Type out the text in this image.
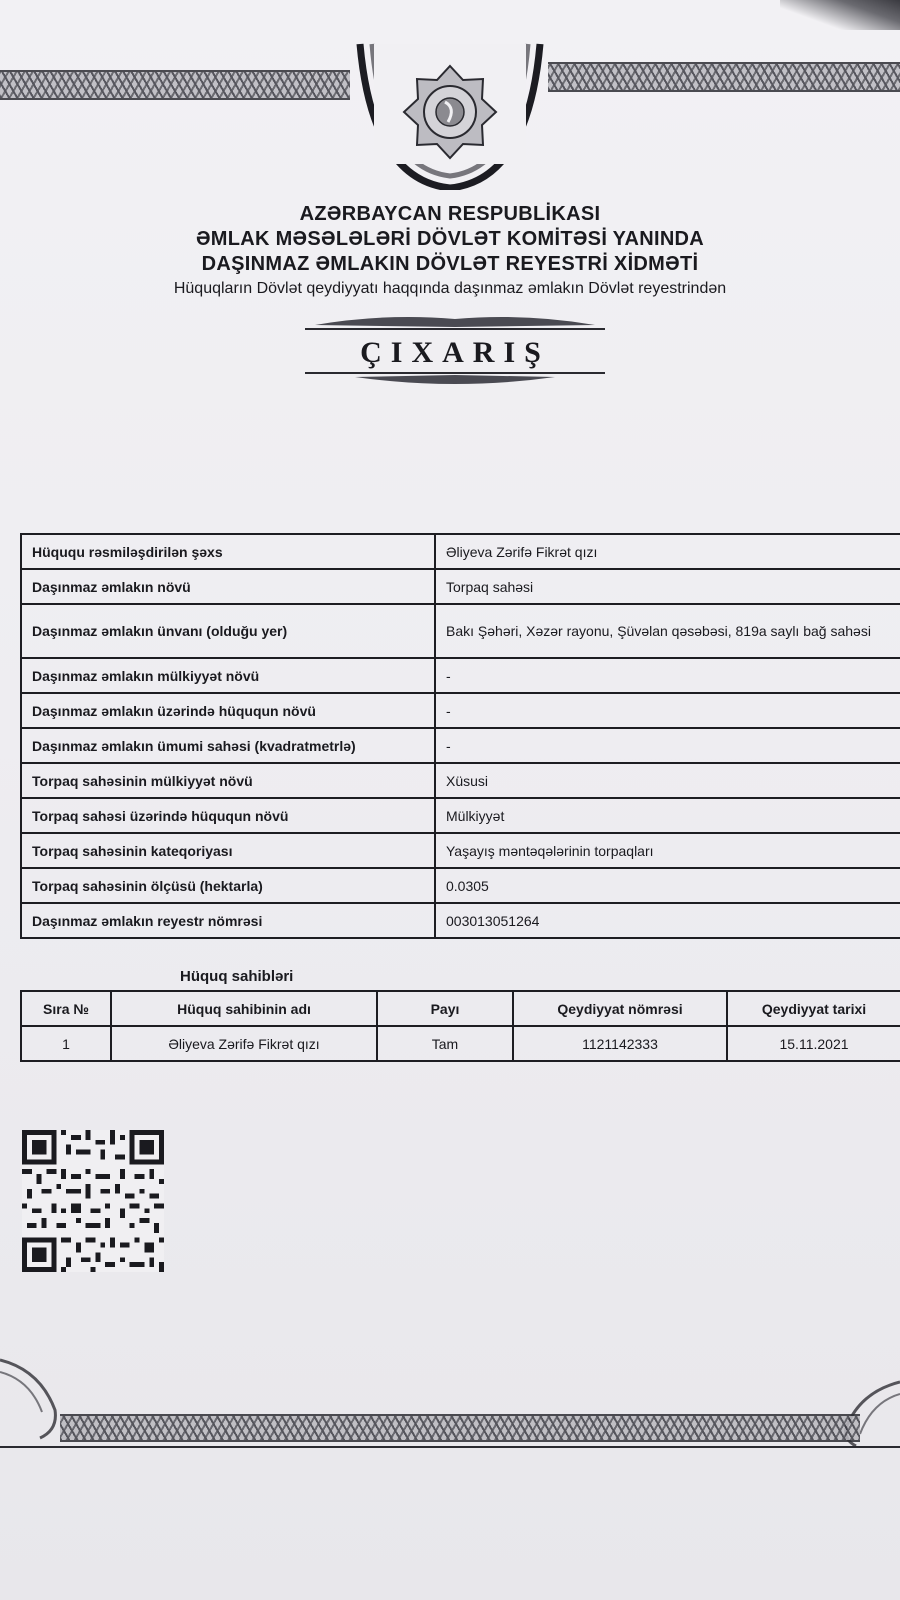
AZƏRBAYCAN RESPUBLİKASI
ƏMLAK MƏSƏLƏLƏRİ DÖVLƏT KOMİTƏSİ YANINDA
DAŞINMAZ ƏMLAKIN DÖVLƏT REYESTRİ XİDMƏTİ
Hüquqların Dövlət qeydiyyatı haqqında daşınmaz əmlakın Dövlət reyestrindən
ÇIXARIŞ
Hüququ rəsmiləşdirilən şəxs	Əliyeva Zərifə Fikrət qızı
Daşınmaz əmlakın növü	Torpaq sahəsi
Daşınmaz əmlakın ünvanı (olduğu yer)	Bakı Şəhəri, Xəzər rayonu, Şüvəlan qəsəbəsi, 819a saylı bağ sahəsi
Daşınmaz əmlakın mülkiyyət növü	-
Daşınmaz əmlakın üzərində hüququn növü	-
Daşınmaz əmlakın ümumi sahəsi (kvadratmetrlə)	-
Torpaq sahəsinin mülkiyyət növü	Xüsusi
Torpaq sahəsi üzərində hüququn növü	Mülkiyyət
Torpaq sahəsinin kateqoriyası	Yaşayış məntəqələrinin torpaqları
Torpaq sahəsinin ölçüsü (hektarla)	0.0305
Daşınmaz əmlakın reyestr nömrəsi	003013051264
Hüquq sahibləri
Sıra №	Hüquq sahibinin adı	Payı	Qeydiyyat nömrəsi	Qeydiyyat tarixi
1	Əliyeva Zərifə Fikrət qızı	Tam	1121142333	15.11.2021
